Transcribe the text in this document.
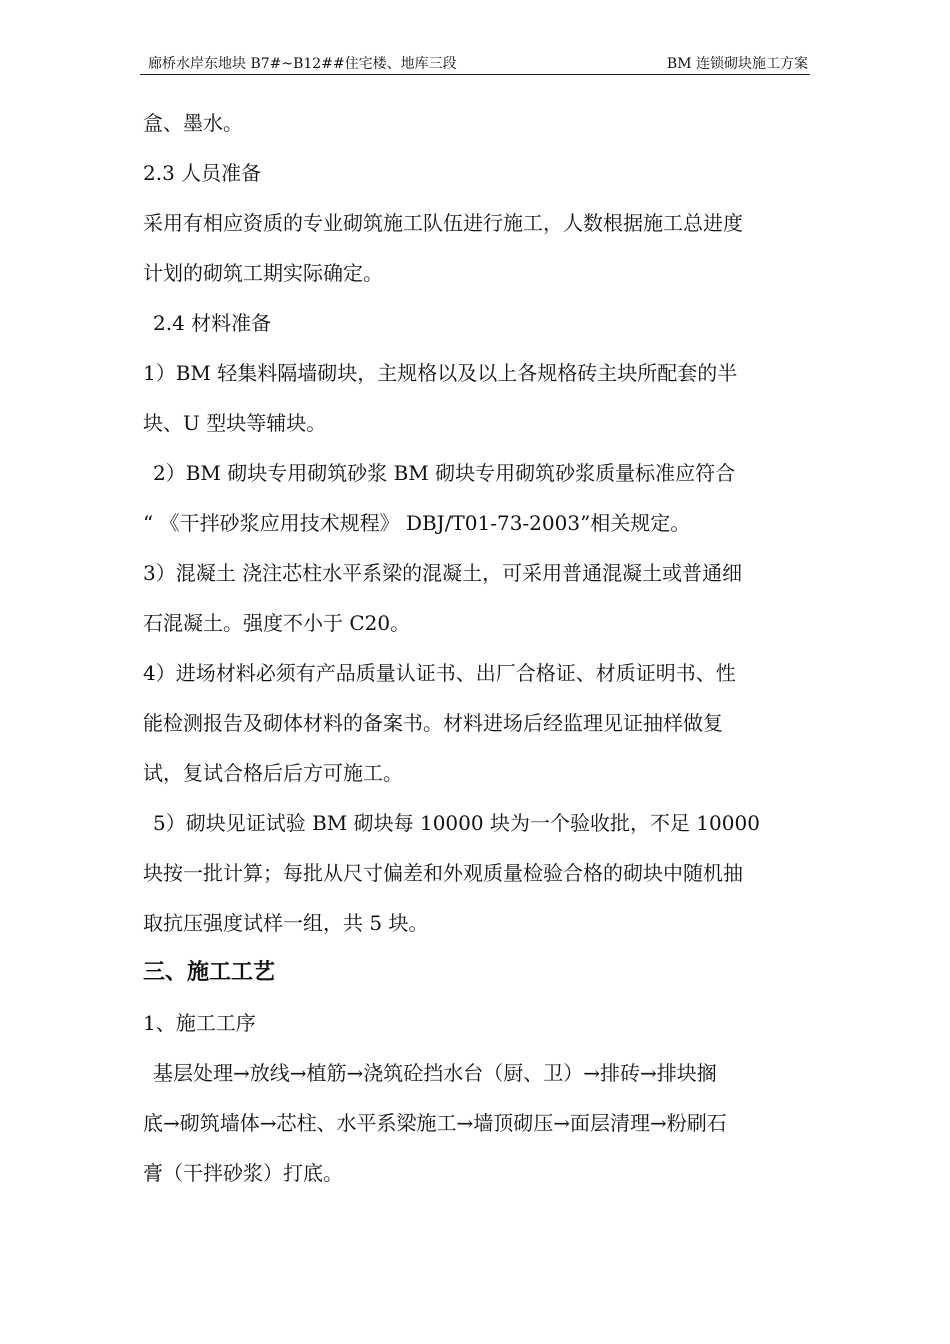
廊桥水岸东地块 B7#~B12##住宅楼、地库三段	BM 连锁砌块施工方案
盒、墨水。
2.3 人员准备
采用有相应资质的专业砌筑施工队伍进行施工，人数根据施工总进度
计划的砌筑工期实际确定。
2.4 材料准备
1）BM 轻集料隔墙砌块，主规格以及以上各规格砖主块所配套的半
块、U 型块等辅块。
2）BM 砌块专用砌筑砂浆 BM 砌块专用砌筑砂浆质量标准应符合
“ 《干拌砂浆应用技术规程》 DBJ/T01-73-2003”相关规定。
3）混凝土 浇注芯柱水平系梁的混凝土，可采用普通混凝土或普通细
石混凝土。强度不小于 C20。
4）进场材料必须有产品质量认证书、出厂合格证、材质证明书、性
能检测报告及砌体材料的备案书。材料进场后经监理见证抽样做复
试，复试合格后后方可施工。
5）砌块见证试验 BM 砌块每 10000 块为一个验收批，不足 10000
块按一批计算；每批从尺寸偏差和外观质量检验合格的砌块中随机抽
取抗压强度试样一组，共 5 块。
三、施工工艺
1、施工工序
基层处理→放线→植筋→浇筑砼挡水台（厨、卫）→排砖→排块搁
底→砌筑墙体→芯柱、水平系梁施工→墙顶砌压→面层清理→粉刷石
膏（干拌砂浆）打底。
